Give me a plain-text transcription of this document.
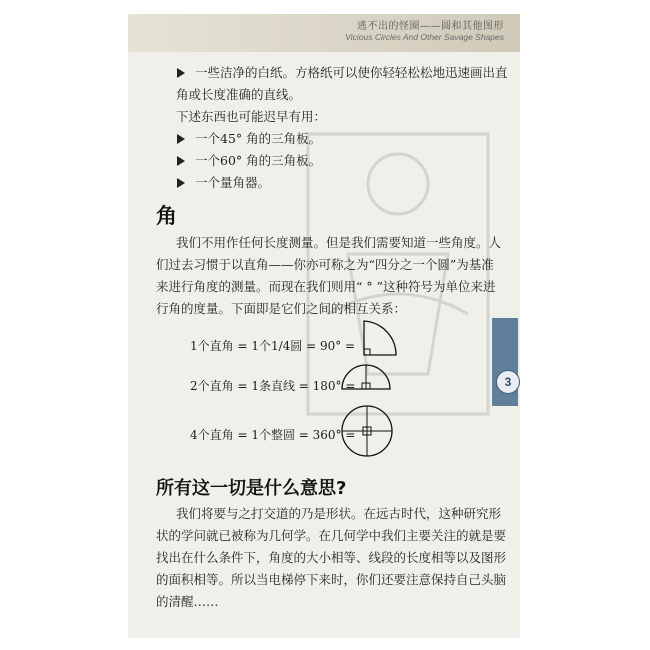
逃不出的怪圈——圆和其他图形
Vicious Circles And Other Savage Shapes
3
一些洁净的白纸。方格纸可以使你轻轻松松地迅速画出直
角或长度准确的直线。
下述东西也可能迟早有用：
一个45° 角的三角板。
一个60° 角的三角板。
一个量角器。
角
我们不用作任何长度测量。但是我们需要知道一些角度。人
们过去习惯于以直角——你亦可称之为“四分之一个圆”为基准
来进行角度的测量。而现在我们则用“ ° ”这种符号为单位来进
行角的度量。下面即是它们之间的相互关系：
1个直角 = 1个1/4圆 = 90° =
2个直角 = 1条直线 = 180° =
4个直角 = 1个整圆 = 360° =
所有这一切是什么意思?
我们将要与之打交道的乃是形状。在远古时代，这种研究形
状的学问就已被称为几何学。在几何学中我们主要关注的就是要
找出在什么条件下，角度的大小相等、线段的长度相等以及图形
的面积相等。所以当电梯停下来时，你们还要注意保持自己头脑
的清醒……
